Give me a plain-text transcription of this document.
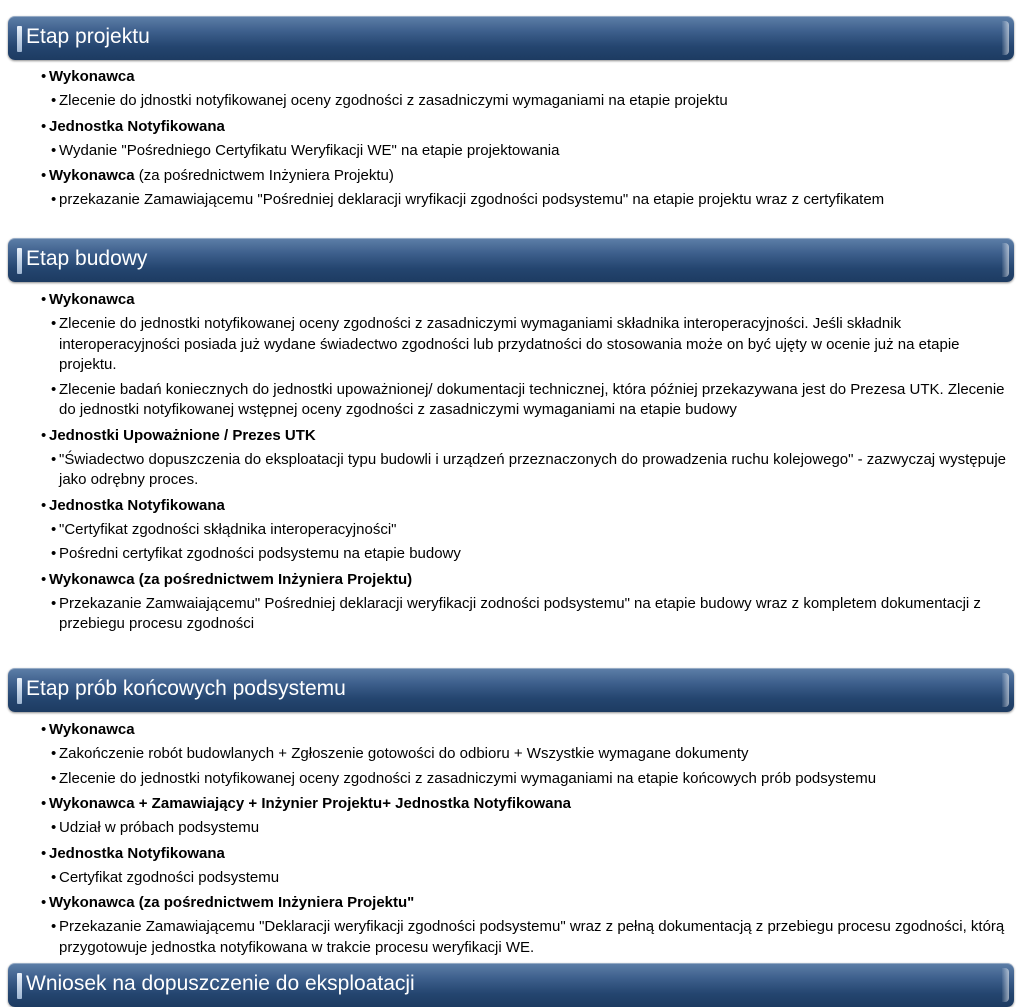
Etap projektu
• Wykonawca
• Zlecenie do jdnostki notyfikowanej oceny zgodności z zasadniczymi wymaganiami na etapie projektu
• Jednostka Notyfikowana
• Wydanie "Pośredniego Certyfikatu Weryfikacji WE" na etapie projektowania
• Wykonawca (za pośrednictwem Inżyniera Projektu)
• przekazanie Zamawiającemu "Pośredniej deklaracji wryfikacji zgodności podsystemu" na etapie projektu wraz z certyfikatem
Etap budowy
• Wykonawca
• Zlecenie do jednostki notyfikowanej oceny zgodności z zasadniczymi wymaganiami składnika interoperacyjności. Jeśli składnik interoperacyjności posiada już wydane świadectwo zgodności lub przydatności do stosowania może on być ujęty w ocenie już na etapie projektu.
• Zlecenie badań koniecznych do jednostki upoważnionej/ dokumentacji technicznej, która później przekazywana jest do Prezesa UTK. Zlecenie do jednostki notyfikowanej wstępnej oceny zgodności z zasadniczymi wymaganiami na etapie budowy
• Jednostki Upoważnione / Prezes UTK
• "Świadectwo dopuszczenia do eksploatacji typu budowli i urządzeń przeznaczonych do prowadzenia ruchu kolejowego" - zazwyczaj występuje jako odrębny proces.
• Jednostka Notyfikowana
• "Certyfikat zgodności skłądnika interoperacyjności"
• Pośredni certyfikat zgodności podsystemu na etapie budowy
• Wykonawca (za pośrednictwem Inżyniera Projektu)
• Przekazanie Zamwaiającemu" Pośredniej deklaracji weryfikacji zodności podsystemu" na etapie budowy wraz z kompletem dokumentacji z przebiegu procesu zgodności
Etap prób końcowych podsystemu
• Wykonawca
• Zakończenie robót budowlanych + Zgłoszenie gotowości do odbioru + Wszystkie wymagane dokumenty
• Zlecenie do jednostki notyfikowanej oceny zgodności z zasadniczymi wymaganiami na etapie końcowych prób podsystemu
• Wykonawca + Zamawiający + Inżynier Projektu+ Jednostka Notyfikowana
• Udział w próbach podsystemu
• Jednostka Notyfikowana
• Certyfikat zgodności podsystemu
• Wykonawca (za pośrednictwem Inżyniera Projektu"
• Przekazanie Zamawiającemu "Deklaracji weryfikacji zgodności podsystemu" wraz z pełną dokumentacją z przebiegu procesu zgodności, którą przygotowuje jednostka notyfikowana w trakcie procesu weryfikacji WE.
Wniosek na dopuszczenie do eksploatacji
